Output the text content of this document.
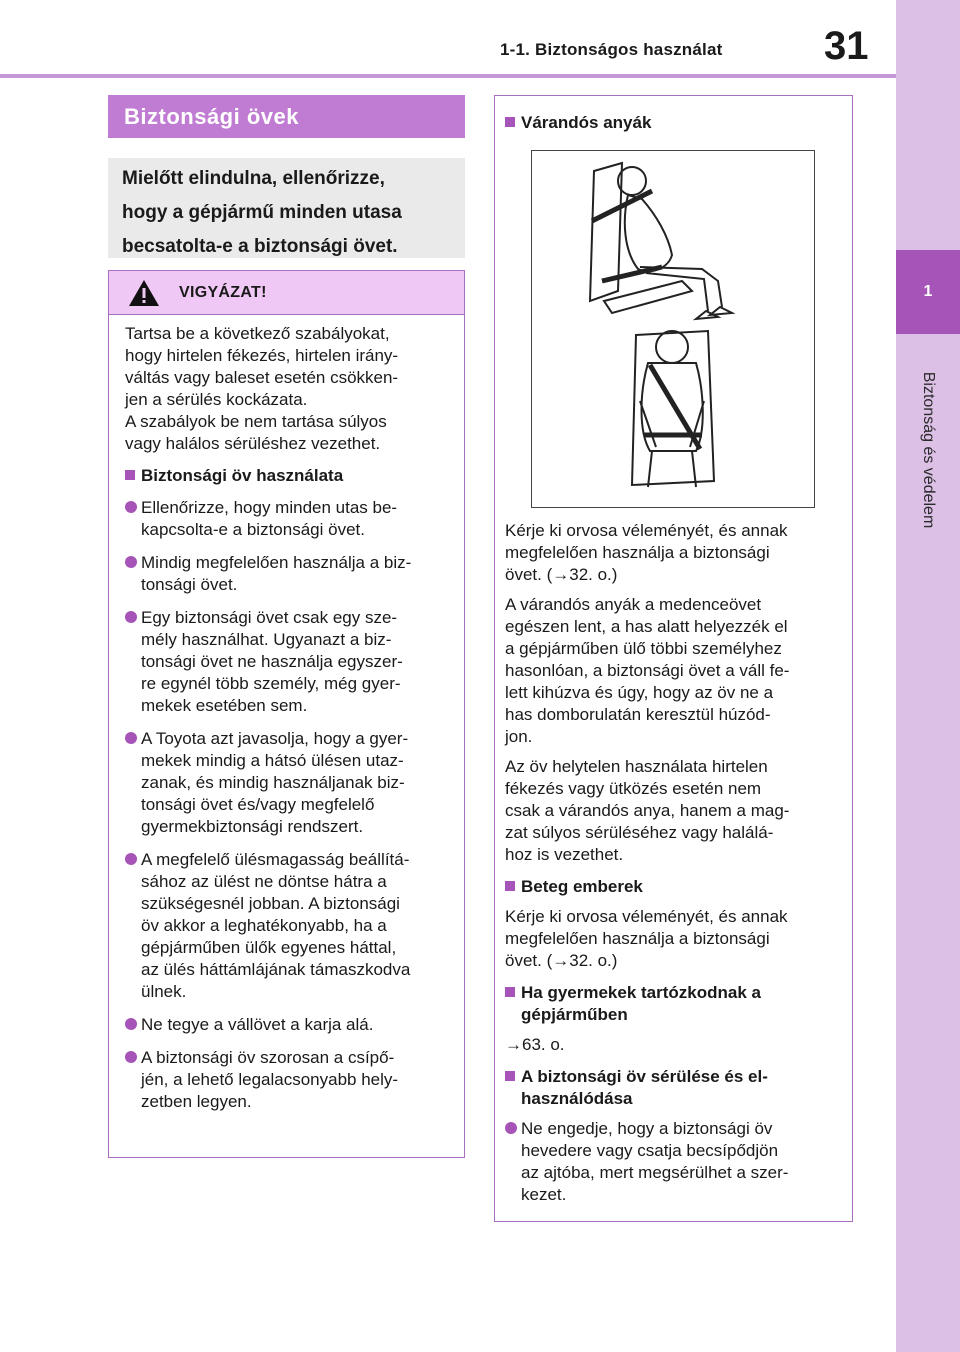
1-1. Biztonságos használat	31
1
Biztonság és védelem
Biztonsági övek
Mielőtt elindulna, ellenőrizze,
hogy a gépjármű minden utasa
becsatolta-e a biztonsági övet.
VIGYÁZAT!
Tartsa be a következő szabályokat,
hogy hirtelen fékezés, hirtelen irány-
váltás vagy baleset esetén csökken-
jen a sérülés kockázata.
A szabályok be nem tartása súlyos
vagy halálos sérüléshez vezethet.
Biztonsági öv használata
Ellenőrizze, hogy minden utas be-
kapcsolta-e a biztonsági övet.
Mindig megfelelően használja a biz-
tonsági övet.
Egy biztonsági övet csak egy sze-
mély használhat. Ugyanazt a biz-
tonsági övet ne használja egyszer-
re egynél több személy, még gyer-
mekek esetében sem.
A Toyota azt javasolja, hogy a gyer-
mekek mindig a hátsó ülésen utaz-
zanak, és mindig használjanak biz-
tonsági övet és/vagy megfelelő
gyermekbiztonsági rendszert.
A megfelelő ülésmagasság beállítá-
sához az ülést ne döntse hátra a
szükségesnél jobban. A biztonsági
öv akkor a leghatékonyabb, ha a
gépjárműben ülők egyenes háttal,
az ülés háttámlájának támaszkodva
ülnek.
Ne tegye a vállövet a karja alá.
A biztonsági öv szorosan a csípő-
jén, a lehető legalacsonyabb hely-
zetben legyen.
Várandós anyák
Kérje ki orvosa véleményét, és annak
megfelelően használja a biztonsági
övet. (→32. o.)
A várandós anyák a medenceövet
egészen lent, a has alatt helyezzék el
a gépjárműben ülő többi személyhez
hasonlóan, a biztonsági övet a váll fe-
lett kihúzva és úgy, hogy az öv ne a
has domborulatán keresztül húzód-
jon.
Az öv helytelen használata hirtelen
fékezés vagy ütközés esetén nem
csak a várandós anya, hanem a mag-
zat súlyos sérüléséhez vagy halálá-
hoz is vezethet.
Beteg emberek
Kérje ki orvosa véleményét, és annak
megfelelően használja a biztonsági
övet. (→32. o.)
Ha gyermekek tartózkodnak a
gépjárműben
→63. o.
A biztonsági öv sérülése és el-
használódása
Ne engedje, hogy a biztonsági öv
hevedere vagy csatja becsípődjön
az ajtóba, mert megsérülhet a szer-
kezet.
